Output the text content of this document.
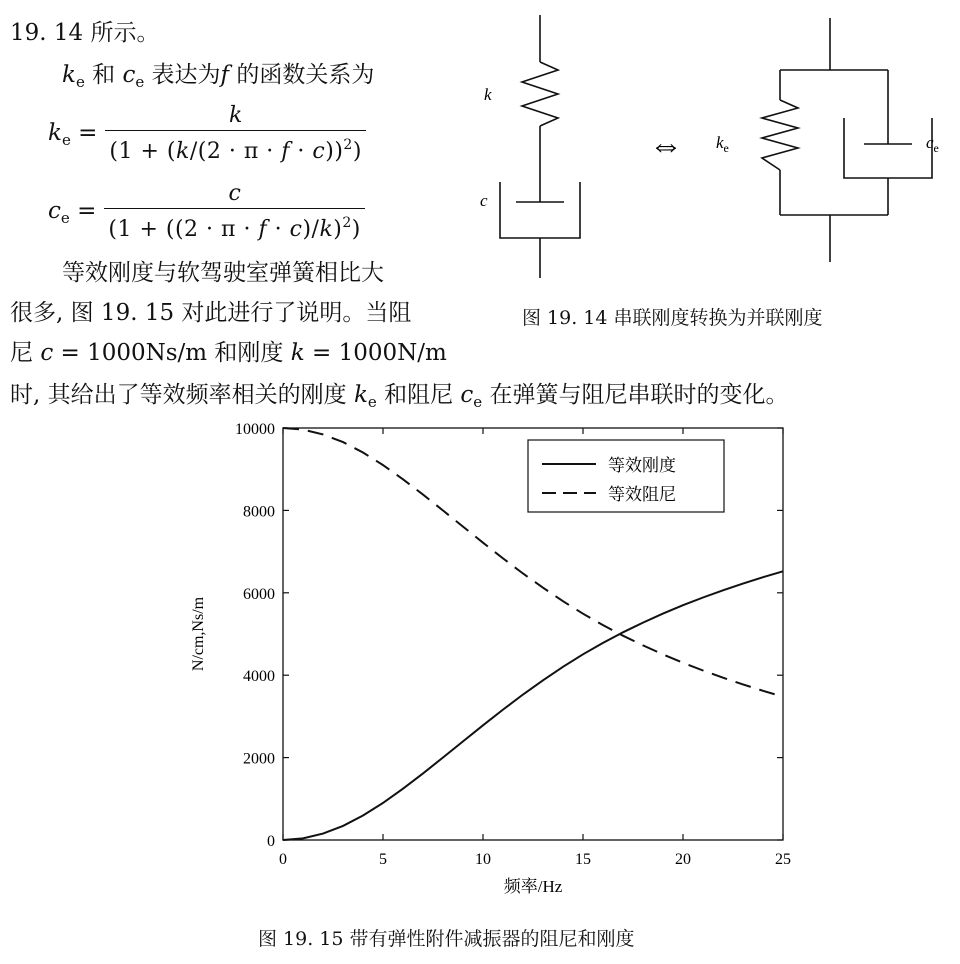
19. 14 所示。
$k_e$ 和 $c_e$ 表达为f 的函数关系为
$k_e = \frac{k}{(1 + (k/(2 \cdot \pi \cdot f \cdot c))^2)}$
$c_e = \frac{c}{(1 + ((2 \cdot \pi \cdot f \cdot c)/k)^2)}$
等效刚度与软驾驶室弹簧相比大
很多, 图 19. 15 对此进行了说明。当阻
尼 c = 1000Ns/m 和刚度 k = 1000N/m
时, 其给出了等效频率相关的刚度 $k_e$ 和阻尼 $c_e$ 在弹簧与阻尼串联时的变化。
⇔
k
c
$k_e$	$c_e$
图 19. 14 串联刚度转换为并联刚度
0
2000
4000
6000
8000
10000
0	5	10	15	20	25
等效刚度
等效阻尼
频率/Hz
N/cm,Ns/m
图 19. 15 带有弹性附件减振器的阻尼和刚度
